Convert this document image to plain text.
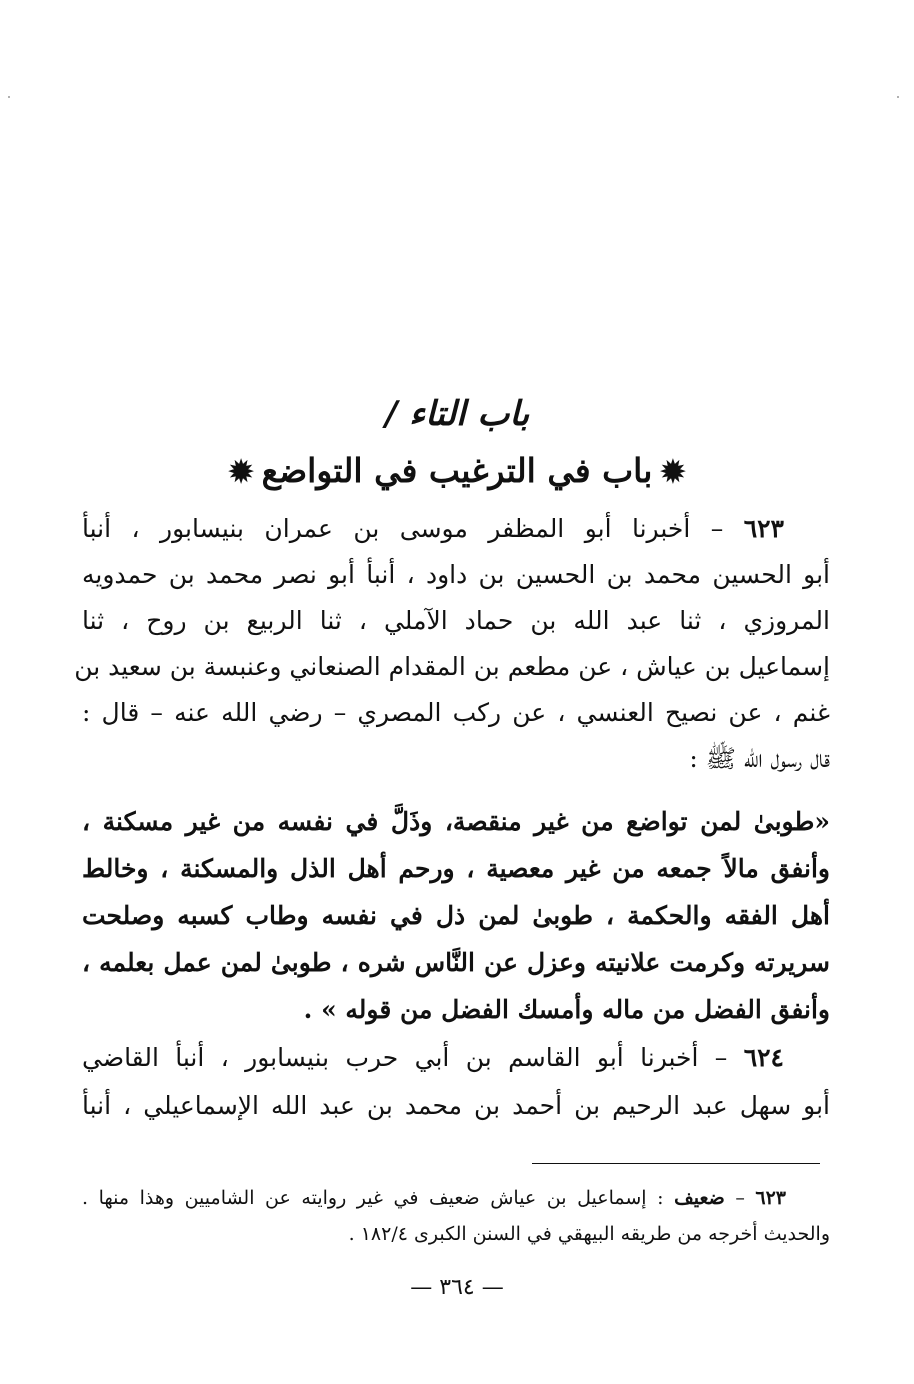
باب التاء /
✹باب في الترغيب في التواضع✹
٦٢٣ – أخبرنا أبو المظفر موسى بن عمران بنيسابور ، أنبأ
أبو الحسين محمد بن الحسين بن داود ، أنبأ أبو نصر محمد بن حمدويه
المروزي ، ثنا عبد الله بن حماد الآملي ، ثنا الربيع بن روح ، ثنا
إسماعيل بن عياش ، عن مطعم بن المقدام الصنعاني وعنبسة بن سعيد بن
غنم ، عن نصيح العنسي ، عن ركب المصري – رضي الله عنه – قال :
قال رسول الله ﷺ :
«طوبىٰ لمن تواضع من غير منقصة، وذَلَّ في نفسه من غير مسكنة ،
وأنفق مالاً جمعه من غير معصية ، ورحم أهل الذل والمسكنة ، وخالط
أهل الفقه والحكمة ، طوبىٰ لمن ذل في نفسه وطاب كسبه وصلحت
سريرته وكرمت علانيته وعزل عن النَّاس شره ، طوبىٰ لمن عمل بعلمه ،
وأنفق الفضل من ماله وأمسك الفضل من قوله » .
٦٢٤ – أخبرنا أبو القاسم بن أبي حرب بنيسابور ، أنبأ القاضي
أبو سهل عبد الرحيم بن أحمد بن محمد بن عبد الله الإسماعيلي ، أنبأ
٦٢٣ – ضعيف : إسماعيل بن عياش ضعيف في غير روايته عن الشاميين وهذا منها .
والحديث أخرجه من طريقه البيهقي في السنن الكبرى ١٨٢/٤ .
— ٣٦٤ —
